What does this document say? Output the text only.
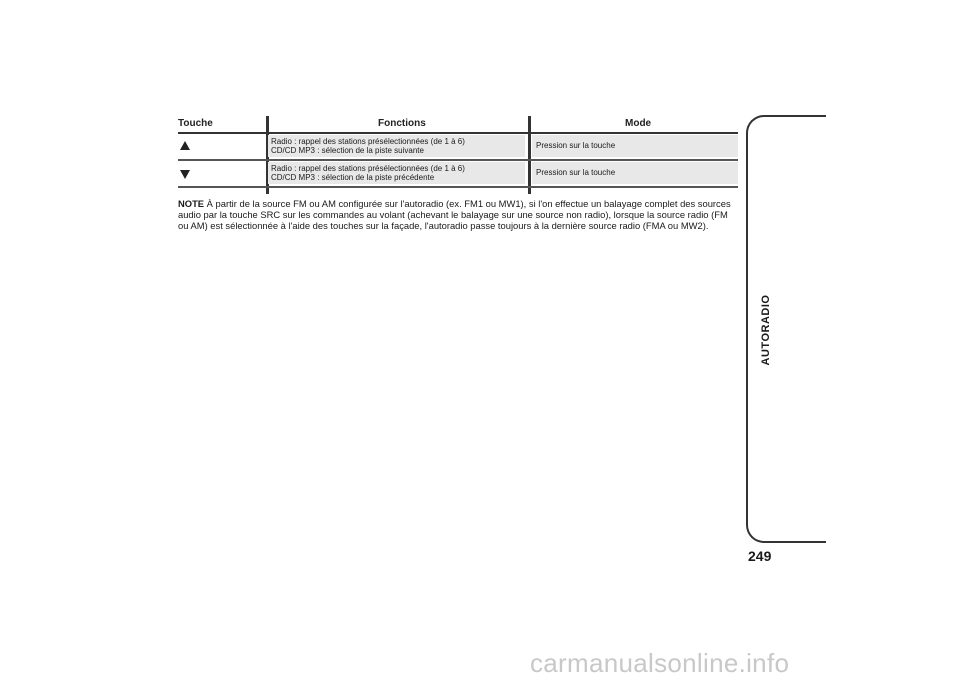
Touche	Fonctions	Mode
Radio : rappel des stations présélectionnées (de 1 à 6)
CD/CD MP3 : sélection de la piste suivante
Pression sur la touche
Radio : rappel des stations présélectionnées (de 1 à 6)
CD/CD MP3 : sélection de la piste précédente
Pression sur la touche
NOTE À partir de la source FM ou AM configurée sur l'autoradio (ex. FM1 ou MW1), si l'on effectue un balayage complet des sources audio par la touche SRC sur les commandes au volant (achevant le balayage sur une source non radio), lorsque la source radio (FM ou AM) est sélectionnée à l'aide des touches sur la façade, l'autoradio passe toujours à la dernière source radio (FMA ou MW2).
AUTORADIO
249
carmanualsonline.info
